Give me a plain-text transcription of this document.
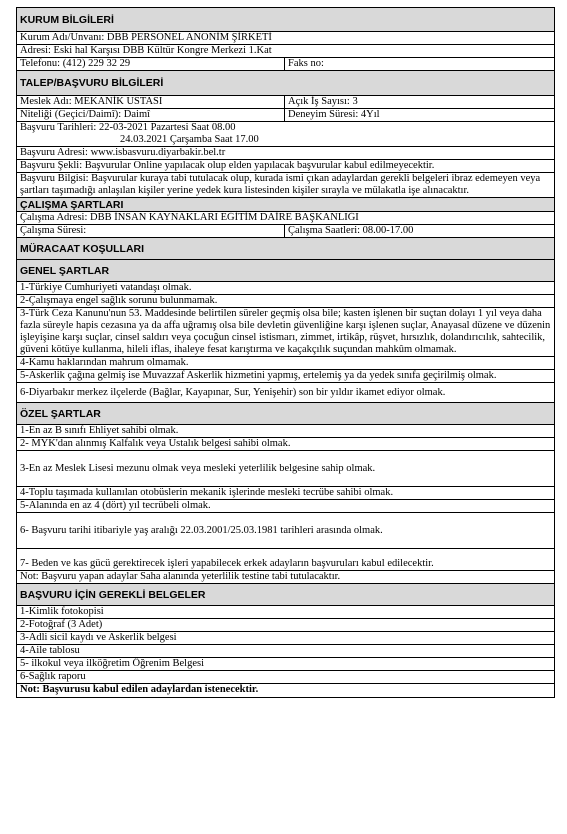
KURUM BİLGİLERİ
Kurum Adı/Unvanı: DBB PERSONEL ANONİM ŞİRKETİ
Adresi: Eski hal Karşısı DBB Kültür Kongre Merkezi 1.Kat
Telefonu: (412) 229 32 29	Faks no:
TALEP/BAŞVURU BİLGİLERİ
Meslek Adı: MEKANİK USTASI	Açık İş Sayısı: 3
Niteliği (Geçici/Daimî): Daimî	Deneyim Süresi: 4Yıl
Başvuru Tarihleri: 22-03-2021 Pazartesi Saat 08.00
24.03.2021 Çarşamba Saat 17.00
Başvuru Adresi: www.isbasvuru.diyarbakir.bel.tr
Başvuru Şekli: Başvurular Online yapılacak olup elden yapılacak başvurular kabul edilmeyecektir.
Başvuru Bilgisi: Başvurular kuraya tabi tutulacak olup, kurada ismi çıkan adaylardan gerekli belgeleri ibraz edemeyen veya şartları taşımadığı anlaşılan kişiler yerine yedek kura listesinden kişiler sırayla ve mülakatla işe alınacaktır.
ÇALIŞMA ŞARTLARI
Çalışma Adresi: DBB İNSAN KAYNAKLARI EĞİTİM DAİRE BAŞKANLIĞI
Çalışma Süresi:	Çalışma Saatleri: 08.00-17.00
MÜRACAAT KOŞULLARI
GENEL ŞARTLAR
1-Türkiye Cumhuriyeti vatandaşı olmak.
2-Çalışmaya engel sağlık sorunu bulunmamak.
3-Türk Ceza Kanunu'nun 53. Maddesinde belirtilen süreler geçmiş olsa bile; kasten işlenen bir suçtan dolayı 1 yıl veya daha fazla süreyle hapis cezasına ya da affa uğramış olsa bile devletin güvenliğine karşı işlenen suçlar, Anayasal düzene ve düzenin işleyişine karşı suçlar, cinsel saldırı veya çocuğun cinsel istismarı, zimmet, irtikâp, rüşvet, hırsızlık, dolandırıcılık, sahtecilik, güveni kötüye kullanma, hileli iflas, ihaleye fesat karıştırma ve kaçakçılık suçundan mahkûm olmamak.
4-Kamu haklarından mahrum olmamak.
5-Askerlik çağına gelmiş ise Muvazzaf Askerlik hizmetini yapmış, ertelemiş ya da yedek sınıfa geçirilmiş olmak.
6-Diyarbakır merkez ilçelerde (Bağlar, Kayapınar, Sur, Yenişehir) son bir yıldır ikamet ediyor olmak.
ÖZEL ŞARTLAR
1-En az B sınıfı Ehliyet sahibi olmak.
2- MYK'dan alınmış Kalfalık veya Ustalık belgesi sahibi olmak.
3-En az Meslek Lisesi mezunu olmak veya mesleki yeterlilik belgesine sahip olmak.
4-Toplu taşımada kullanılan otobüslerin mekanik işlerinde mesleki tecrübe sahibi olmak.
5-Alanında en az 4 (dört) yıl tecrübeli olmak.
6- Başvuru tarihi itibariyle yaş aralığı 22.03.2001/25.03.1981 tarihleri arasında olmak.
7- Beden ve kas gücü gerektirecek işleri yapabilecek erkek adayların başvuruları kabul edilecektir.
Not: Başvuru yapan adaylar Saha alanında yeterlilik testine tabi tutulacaktır.
BAŞVURU İÇİN GEREKLİ BELGELER
1-Kimlik fotokopisi
2-Fotoğraf (3 Adet)
3-Adli sicil kaydı ve Askerlik belgesi
4-Aile tablosu
5- ilkokul veya ilköğretim Öğrenim Belgesi
6-Sağlık raporu
Not: Başvurusu kabul edilen adaylardan istenecektir.
